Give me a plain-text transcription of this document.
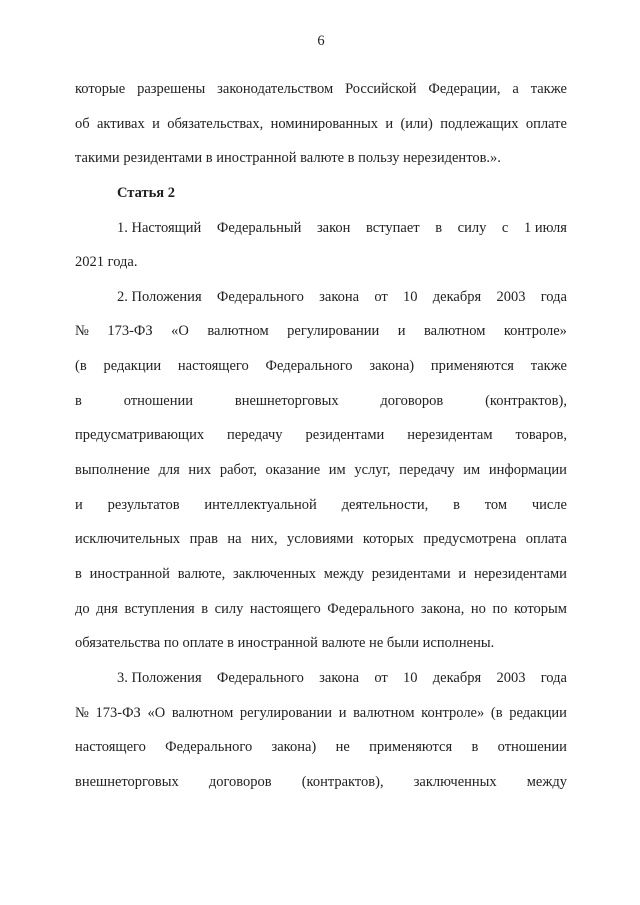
6
которые разрешены законодательством Российской Федерации, а также
об активах и обязательствах, номинированных и (или) подлежащих оплате
такими резидентами в иностранной валюте в пользу нерезидентов.».
Статья 2
1. Настоящий Федеральный закон вступает в силу с 1 июля
2021 года.
2. Положения Федерального закона от 10 декабря 2003 года
№ 173-ФЗ «О валютном регулировании и валютном контроле»
(в редакции настоящего Федерального закона) применяются также
в	отношении	внешнеторговых	договоров	(контрактов),
предусматривающих передачу резидентами нерезидентам товаров,
выполнение для них работ, оказание им услуг, передачу им информации
и результатов интеллектуальной деятельности, в том числе
исключительных прав на них, условиями которых предусмотрена оплата
в иностранной валюте, заключенных между резидентами и нерезидентами
до дня вступления в силу настоящего Федерального закона, но по которым
обязательства по оплате в иностранной валюте не были исполнены.
3. Положения Федерального закона от 10 декабря 2003 года
№ 173-ФЗ «О валютном регулировании и валютном контроле» (в редакции
настоящего Федерального закона) не применяются в отношении
внешнеторговых договоров (контрактов), заключенных между
